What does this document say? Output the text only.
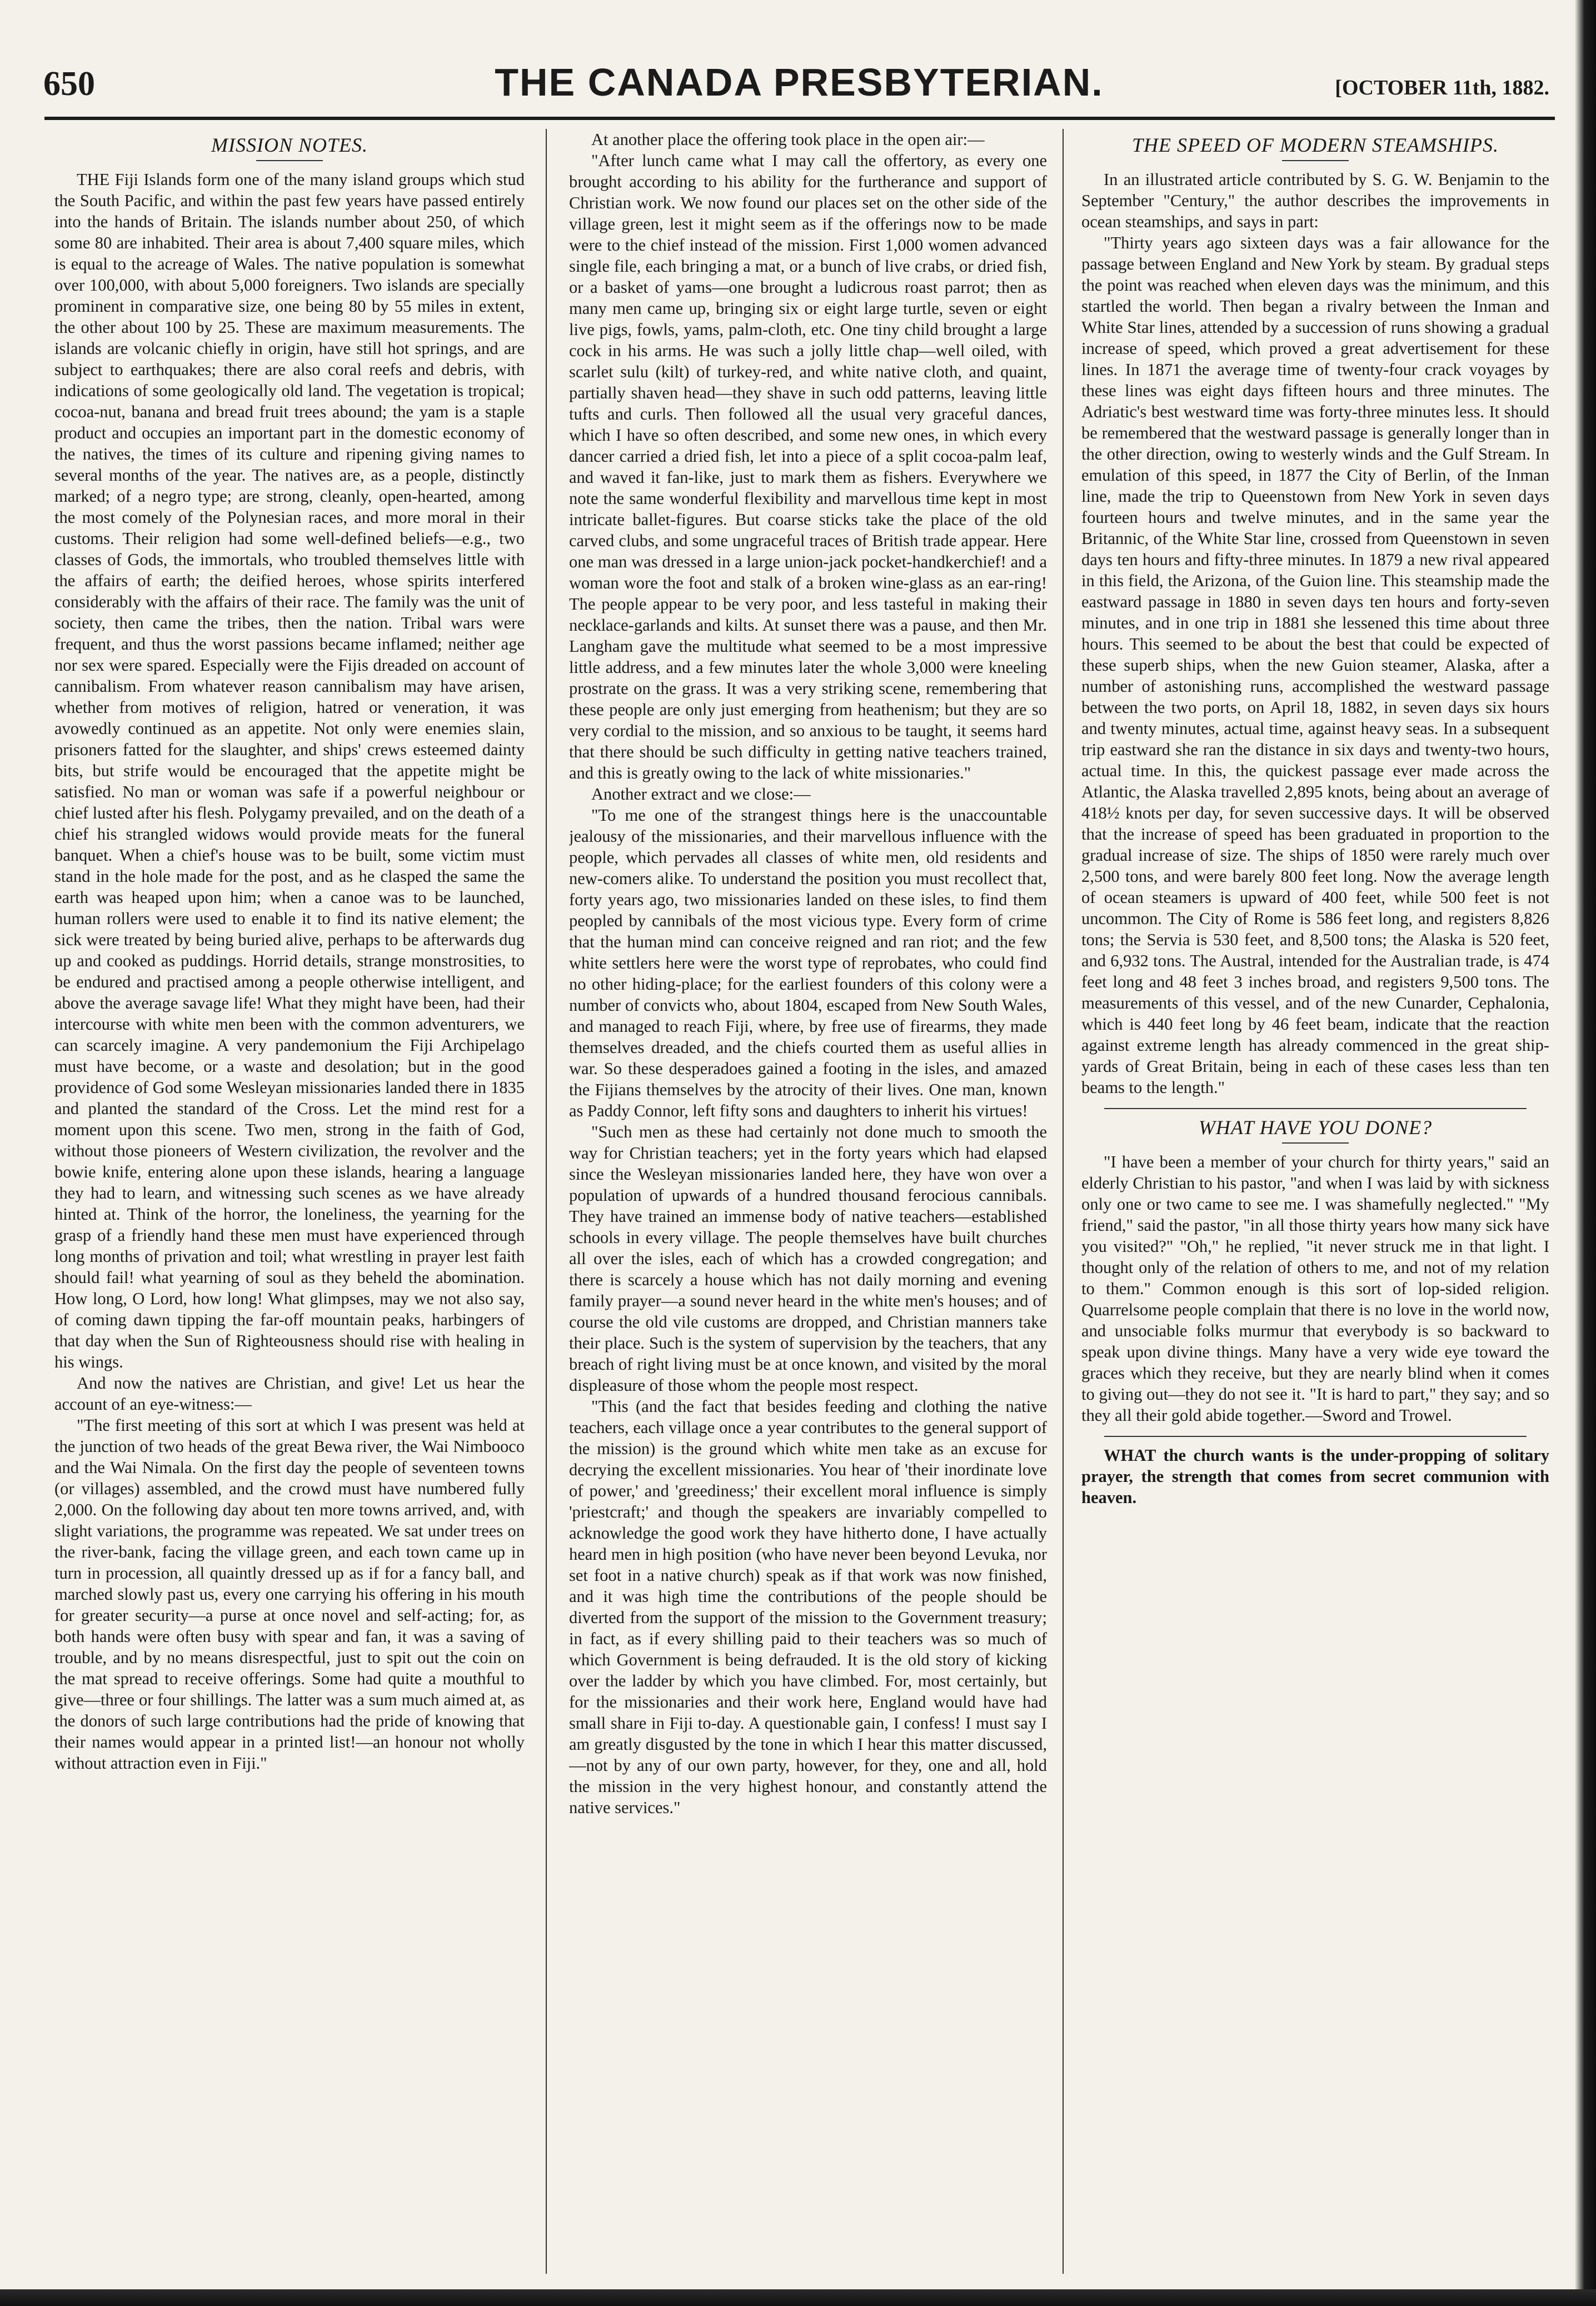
650	THE CANADA PRESBYTERIAN.	[OCTOBER 11th, 1882.
MISSION NOTES.

THE Fiji Islands form one of the many island groups which stud the South Pacific, and within the past few years have passed entirely into the hands of Britain. The islands number about 250, of which some 80 are inhabited. Their area is about 7,400 square miles, which is equal to the acreage of Wales. The native population is somewhat over 100,000, with about 5,000 foreigners. Two islands are specially prominent in comparative size, one being 80 by 55 miles in extent, the other about 100 by 25. These are maximum measurements. The islands are volcanic chiefly in origin, have still hot springs, and are subject to earthquakes; there are also coral reefs and debris, with indications of some geologically old land. The vegetation is tropical; cocoa-nut, banana and bread fruit trees abound; the yam is a staple product and occupies an important part in the domestic economy of the natives, the times of its culture and ripening giving names to several months of the year. The natives are, as a people, distinctly marked; of a negro type; are strong, cleanly, open-hearted, among the most comely of the Polynesian races, and more moral in their customs. Their religion had some well-defined beliefs—e.g., two classes of Gods, the immortals, who troubled themselves little with the affairs of earth; the deified heroes, whose spirits interfered considerably with the affairs of their race. The family was the unit of society, then came the tribes, then the nation. Tribal wars were frequent, and thus the worst passions became inflamed; neither age nor sex were spared. Especially were the Fijis dreaded on account of cannibalism. From whatever reason cannibalism may have arisen, whether from motives of religion, hatred or veneration, it was avowedly continued as an appetite. Not only were enemies slain, prisoners fatted for the slaughter, and ships' crews esteemed dainty bits, but strife would be encouraged that the appetite might be satisfied. No man or woman was safe if a powerful neighbour or chief lusted after his flesh. Polygamy prevailed, and on the death of a chief his strangled widows would provide meats for the funeral banquet. When a chief's house was to be built, some victim must stand in the hole made for the post, and as he clasped the same the earth was heaped upon him; when a canoe was to be launched, human rollers were used to enable it to find its native element; the sick were treated by being buried alive, perhaps to be afterwards dug up and cooked as puddings. Horrid details, strange monstrosities, to be endured and practised among a people otherwise intelligent, and above the average savage life! What they might have been, had their intercourse with white men been with the common adventurers, we can scarcely imagine. A very pandemonium the Fiji Archipelago must have become, or a waste and desolation; but in the good providence of God some Wesleyan missionaries landed there in 1835 and planted the standard of the Cross. Let the mind rest for a moment upon this scene. Two men, strong in the faith of God, without those pioneers of Western civilization, the revolver and the bowie knife, entering alone upon these islands, hearing a language they had to learn, and witnessing such scenes as we have already hinted at. Think of the horror, the loneliness, the yearning for the grasp of a friendly hand these men must have experienced through long months of privation and toil; what wrestling in prayer lest faith should fail! what yearning of soul as they beheld the abomination. How long, O Lord, how long! What glimpses, may we not also say, of coming dawn tipping the far-off mountain peaks, harbingers of that day when the Sun of Righteousness should rise with healing in his wings.

And now the natives are Christian, and give! Let us hear the account of an eye-witness:—

"The first meeting of this sort at which I was present was held at the junction of two heads of the great Bewa river, the Wai Nimbooco and the Wai Nimala. On the first day the people of seventeen towns (or villages) assembled, and the crowd must have numbered fully 2,000. On the following day about ten more towns arrived, and, with slight variations, the programme was repeated. We sat under trees on the river-bank, facing the village green, and each town came up in turn in procession, all quaintly dressed up as if for a fancy ball, and marched slowly past us, every one carrying his offering in his mouth for greater security—a purse at once novel and self-acting; for, as both hands were often busy with spear and fan, it was a saving of trouble, and by no means disrespectful, just to spit out the coin on the mat spread to receive offerings. Some had quite a mouthful to give—three or four shillings. The latter was a sum much aimed at, as the donors of such large contributions had the pride of knowing that their names would appear in a printed list!—an honour not wholly without attraction even in Fiji."

At another place the offering took place in the open air:—

"After lunch came what I may call the offertory, as every one brought according to his ability for the furtherance and support of Christian work. We now found our places set on the other side of the village green, lest it might seem as if the offerings now to be made were to the chief instead of the mission. First 1,000 women advanced single file, each bringing a mat, or a bunch of live crabs, or dried fish, or a basket of yams—one brought a ludicrous roast parrot; then as many men came up, bringing six or eight large turtle, seven or eight live pigs, fowls, yams, palm-cloth, etc. One tiny child brought a large cock in his arms. He was such a jolly little chap—well oiled, with scarlet sulu (kilt) of turkey-red, and white native cloth, and quaint, partially shaven head—they shave in such odd patterns, leaving little tufts and curls. Then followed all the usual very graceful dances, which I have so often described, and some new ones, in which every dancer carried a dried fish, let into a piece of a split cocoa-palm leaf, and waved it fan-like, just to mark them as fishers. Everywhere we note the same wonderful flexibility and marvellous time kept in most intricate ballet-figures. But coarse sticks take the place of the old carved clubs, and some ungraceful traces of British trade appear. Here one man was dressed in a large union-jack pocket-handkerchief! and a woman wore the foot and stalk of a broken wine-glass as an ear-ring! The people appear to be very poor, and less tasteful in making their necklace-garlands and kilts. At sunset there was a pause, and then Mr. Langham gave the multitude what seemed to be a most impressive little address, and a few minutes later the whole 3,000 were kneeling prostrate on the grass. It was a very striking scene, remembering that these people are only just emerging from heathenism; but they are so very cordial to the mission, and so anxious to be taught, it seems hard that there should be such difficulty in getting native teachers trained, and this is greatly owing to the lack of white missionaries."

Another extract and we close:—

"To me one of the strangest things here is the unaccountable jealousy of the missionaries, and their marvellous influence with the people, which pervades all classes of white men, old residents and new-comers alike. To understand the position you must recollect that, forty years ago, two missionaries landed on these isles, to find them peopled by cannibals of the most vicious type. Every form of crime that the human mind can conceive reigned and ran riot; and the few white settlers here were the worst type of reprobates, who could find no other hiding-place; for the earliest founders of this colony were a number of convicts who, about 1804, escaped from New South Wales, and managed to reach Fiji, where, by free use of firearms, they made themselves dreaded, and the chiefs courted them as useful allies in war. So these desperadoes gained a footing in the isles, and amazed the Fijians themselves by the atrocity of their lives. One man, known as Paddy Connor, left fifty sons and daughters to inherit his virtues!

"Such men as these had certainly not done much to smooth the way for Christian teachers; yet in the forty years which had elapsed since the Wesleyan missionaries landed here, they have won over a population of upwards of a hundred thousand ferocious cannibals. They have trained an immense body of native teachers—established schools in every village. The people themselves have built churches all over the isles, each of which has a crowded congregation; and there is scarcely a house which has not daily morning and evening family prayer—a sound never heard in the white men's houses; and of course the old vile customs are dropped, and Christian manners take their place. Such is the system of supervision by the teachers, that any breach of right living must be at once known, and visited by the moral displeasure of those whom the people most respect.

"This (and the fact that besides feeding and clothing the native teachers, each village once a year contributes to the general support of the mission) is the ground which white men take as an excuse for decrying the excellent missionaries. You hear of 'their inordinate love of power,' and 'greediness;' their excellent moral influence is simply 'priestcraft;' and though the speakers are invariably compelled to acknowledge the good work they have hitherto done, I have actually heard men in high position (who have never been beyond Levuka, nor set foot in a native church) speak as if that work was now finished, and it was high time the contributions of the people should be diverted from the support of the mission to the Government treasury; in fact, as if every shilling paid to their teachers was so much of which Government is being defrauded. It is the old story of kicking over the ladder by which you have climbed. For, most certainly, but for the missionaries and their work here, England would have had small share in Fiji to-day. A questionable gain, I confess! I must say I am greatly disgusted by the tone in which I hear this matter discussed,—not by any of our own party, however, for they, one and all, hold the mission in the very highest honour, and constantly attend the native services."

THE SPEED OF MODERN STEAMSHIPS.

In an illustrated article contributed by S. G. W. Benjamin to the September "Century," the author describes the improvements in ocean steamships, and says in part:

"Thirty years ago sixteen days was a fair allowance for the passage between England and New York by steam. By gradual steps the point was reached when eleven days was the minimum, and this startled the world. Then began a rivalry between the Inman and White Star lines, attended by a succession of runs showing a gradual increase of speed, which proved a great advertisement for these lines. In 1871 the average time of twenty-four crack voyages by these lines was eight days fifteen hours and three minutes. The Adriatic's best westward time was forty-three minutes less. It should be remembered that the westward passage is generally longer than in the other direction, owing to westerly winds and the Gulf Stream. In emulation of this speed, in 1877 the City of Berlin, of the Inman line, made the trip to Queenstown from New York in seven days fourteen hours and twelve minutes, and in the same year the Britannic, of the White Star line, crossed from Queenstown in seven days ten hours and fifty-three minutes. In 1879 a new rival appeared in this field, the Arizona, of the Guion line. This steamship made the eastward passage in 1880 in seven days ten hours and forty-seven minutes, and in one trip in 1881 she lessened this time about three hours. This seemed to be about the best that could be expected of these superb ships, when the new Guion steamer, Alaska, after a number of astonishing runs, accomplished the westward passage between the two ports, on April 18, 1882, in seven days six hours and twenty minutes, actual time, against heavy seas. In a subsequent trip eastward she ran the distance in six days and twenty-two hours, actual time. In this, the quickest passage ever made across the Atlantic, the Alaska travelled 2,895 knots, being about an average of 418½ knots per day, for seven successive days. It will be observed that the increase of speed has been graduated in proportion to the gradual increase of size. The ships of 1850 were rarely much over 2,500 tons, and were barely 800 feet long. Now the average length of ocean steamers is upward of 400 feet, while 500 feet is not uncommon. The City of Rome is 586 feet long, and registers 8,826 tons; the Servia is 530 feet, and 8,500 tons; the Alaska is 520 feet, and 6,932 tons. The Austral, intended for the Australian trade, is 474 feet long and 48 feet 3 inches broad, and registers 9,500 tons. The measurements of this vessel, and of the new Cunarder, Cephalonia, which is 440 feet long by 46 feet beam, indicate that the reaction against extreme length has already commenced in the great ship-yards of Great Britain, being in each of these cases less than ten beams to the length."

WHAT HAVE YOU DONE?

"I have been a member of your church for thirty years," said an elderly Christian to his pastor, "and when I was laid by with sickness only one or two came to see me. I was shamefully neglected." "My friend," said the pastor, "in all those thirty years how many sick have you visited?" "Oh," he replied, "it never struck me in that light. I thought only of the relation of others to me, and not of my relation to them." Common enough is this sort of lop-sided religion. Quarrelsome people complain that there is no love in the world now, and unsociable folks murmur that everybody is so backward to speak upon divine things. Many have a very wide eye toward the graces which they receive, but they are nearly blind when it comes to giving out—they do not see it. "It is hard to part," they say; and so they all their gold abide together.—Sword and Trowel.

WHAT the church wants is the under-propping of solitary prayer, the strength that comes from secret communion with heaven.
